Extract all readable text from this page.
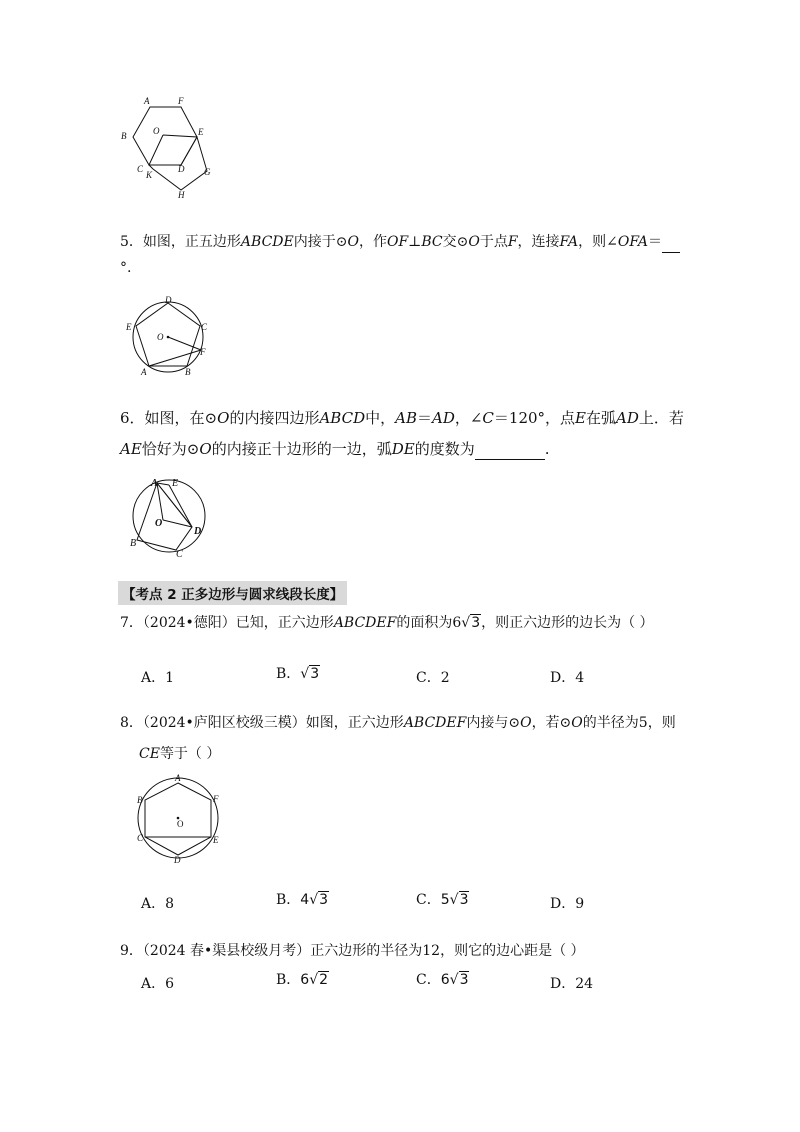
A	F
B	O	E
C
K
D G
H
5．如图，正五边形ABCDE内接于⊙O，作OF⊥BC交⊙O于点F，连接FA，则∠OFA＝
°.
D
E	C
O
F
A	B
6．如图，在⊙O的内接四边形ABCD中，AB＝AD，∠C＝120°，点E在弧AD上．若
AE恰好为⊙O的内接正十边形的一边，弧DE的度数为	.
A E
O
D
B
C
【考点 2 正多边形与圆求线段长度】
7．（2024•德阳）已知，正六边形ABCDEF的面积为6√3，则正六边形的边长为（ ）
A．1	B．√3	C．2	D．4
8．（2024•庐阳区校级三模）如图，正六边形ABCDEF内接与⊙O，若⊙O的半径为5，则
CE等于（ ）
A
B	F
C
O
E
D
A．8	B．4√3	C．5√3	D．9
9．（2024 春•渠县校级月考）正六边形的半径为12，则它的边心距是（ ）
A．6	B．6√2	C．6√3	D．24
